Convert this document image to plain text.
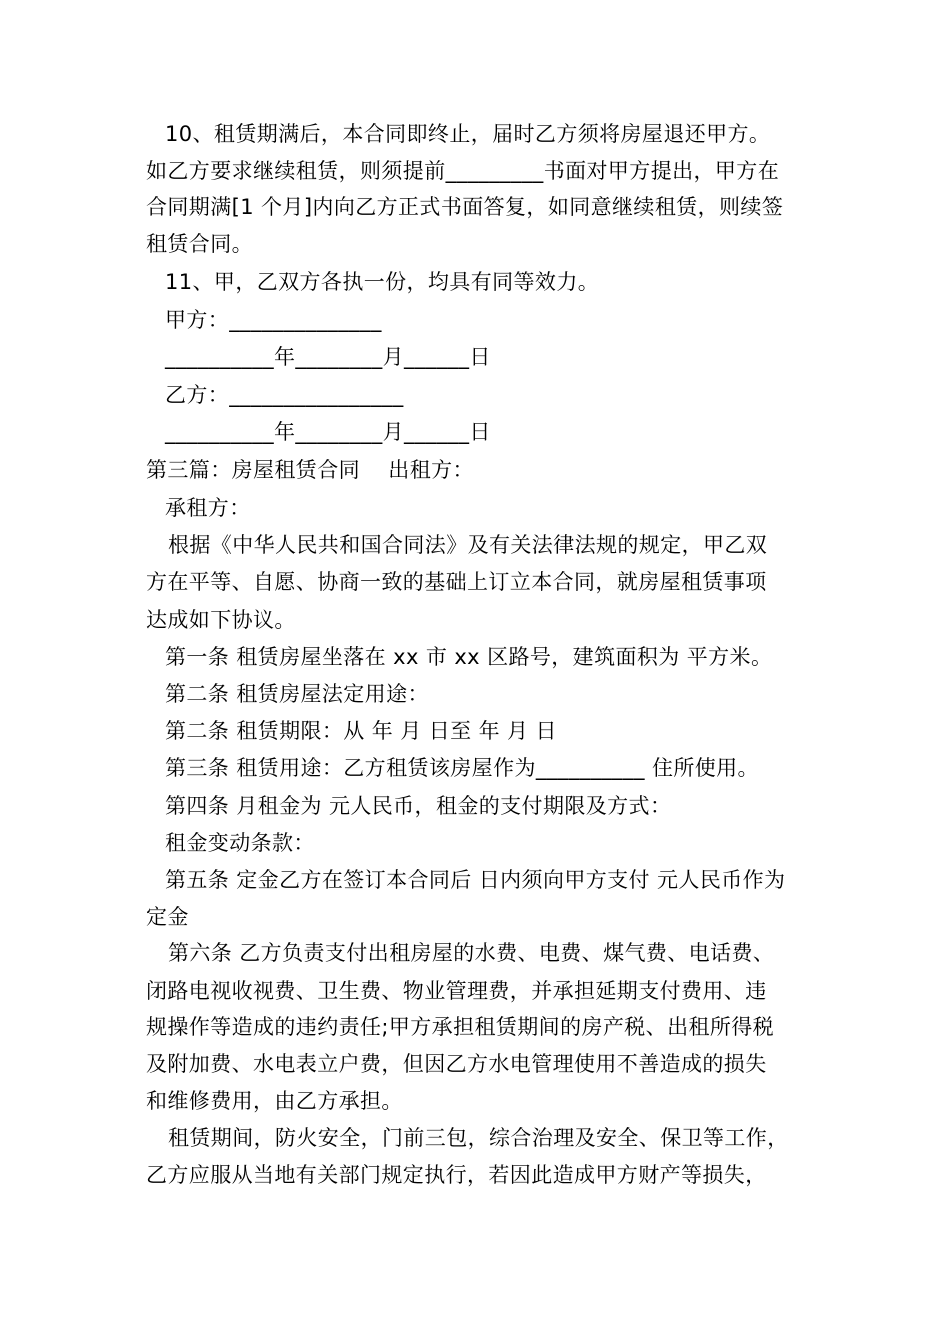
10、租赁期满后，本合同即终止，届时乙方须将房屋退还甲方。
如乙方要求继续租赁，则须提前_________书面对甲方提出，甲方在
合同期满[1 个月]内向乙方正式书面答复，如同意继续租赁，则续签
租赁合同。
11、甲，乙双方各执一份，均具有同等效力。
甲方：______________
__________年________月______日
乙方：________________
__________年________月______日
第三篇：房屋租赁合同    出租方：
承租方：
根据《中华人民共和国合同法》及有关法律法规的规定，甲乙双
方在平等、自愿、协商一致的基础上订立本合同，就房屋租赁事项
达成如下协议。
第一条 租赁房屋坐落在 xx 市 xx 区路号，建筑面积为 平方米。
第二条 租赁房屋法定用途：
第二条 租赁期限：从 年 月 日至 年 月 日
第三条 租赁用途：乙方租赁该房屋作为__________ 住所使用。
第四条 月租金为 元人民币，租金的支付期限及方式：
租金变动条款：
第五条 定金乙方在签订本合同后 日内须向甲方支付 元人民币作为
定金
第六条 乙方负责支付出租房屋的水费、电费、煤气费、电话费、
闭路电视收视费、卫生费、物业管理费，并承担延期支付费用、违
规操作等造成的违约责任;甲方承担租赁期间的房产税、出租所得税
及附加费、水电表立户费，但因乙方水电管理使用不善造成的损失
和维修费用，由乙方承担。
租赁期间，防火安全，门前三包，综合治理及安全、保卫等工作，
乙方应服从当地有关部门规定执行，若因此造成甲方财产等损失，
